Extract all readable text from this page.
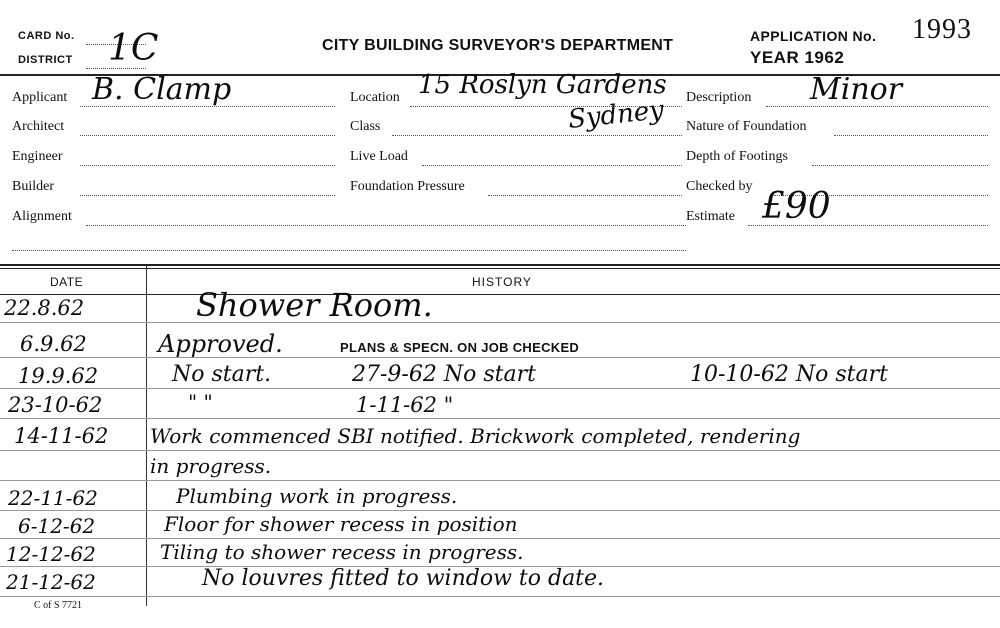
CARD No.
DISTRICT 1C	CITY BUILDING SURVEYOR'S DEPARTMENT
APPLICATION No. 1993
YEAR 1962
Applicant B. Clamp
Architect
Engineer
Builder
Alignment
Location 15 Roslyn Gardens
Sydney
Class
Live Load
Foundation Pressure
Description Minor
Nature of Foundation
Depth of Footings
Checked by
Estimate £90
DATE	HISTORY
22.8.62	Shower Room.
6.9.62	Approved.	PLANS & SPECN. ON JOB CHECKED
19.9.62	No start.	27-9-62 No start	10-10-62 No start
23-10-62	" "	1-11-62 "
14-11-62 Work commenced SBI notified. Brickwork completed, rendering
in progress.
22-11-62	Plumbing work in progress.
6-12-62	Floor for shower recess in position
12-12-62	Tiling to shower recess in progress.
21-12-62	No louvres fitted to window to date.
C of S 7721
